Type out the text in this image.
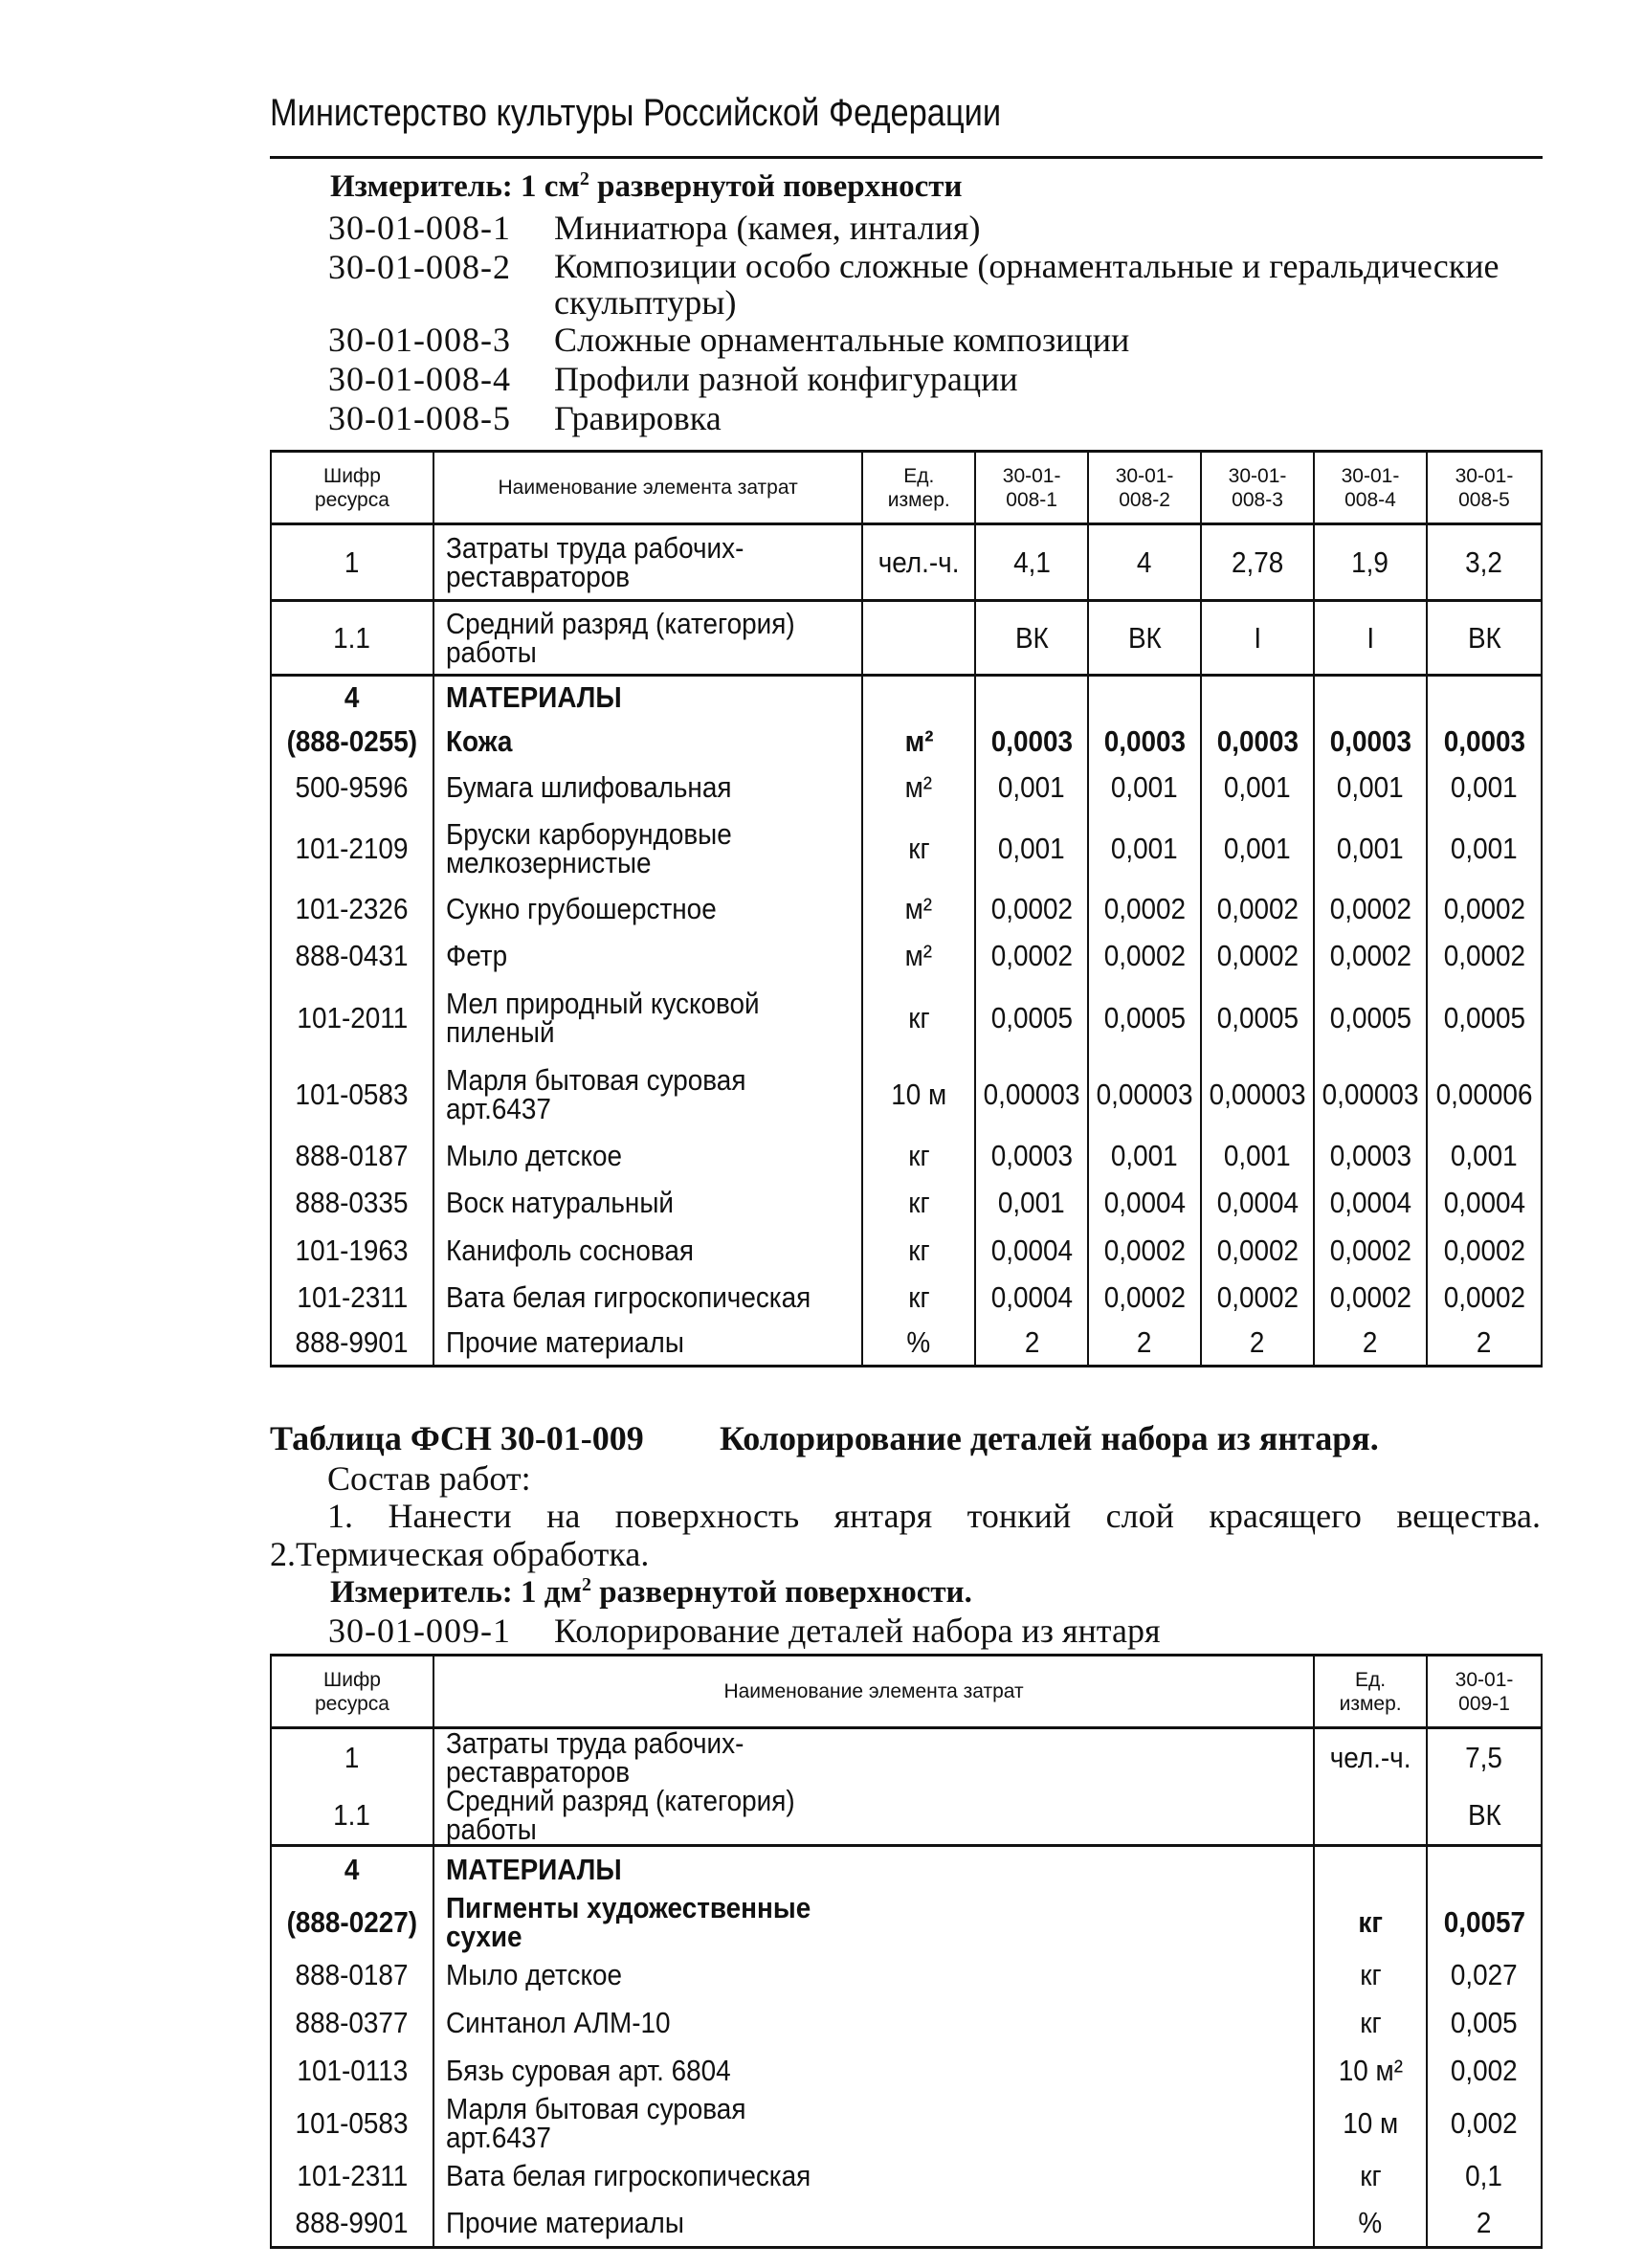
Министерство культуры Российской Федерации
Измеритель: 1 $см^2$ развернутой поверхности
30-01-008-1	Миниатюра (камея, инталия)
30-01-008-2	Композиции особо сложные (орнаментальные и геральдические скульптуры)
30-01-008-3	Сложные орнаментальные композиции
30-01-008-4	Профили разной конфигурации
30-01-008-5	Гравировка
Шифр ресурса	Наименование элемента затрат	Ед. измер.	30-01- 008-1	30-01- 008-2	30-01- 008-3	30-01- 008-4	30-01- 008-5
1	Затраты труда рабочих-реставраторов	чел.-ч.	4,1	4	2,78	1,9	3,2
1.1	Средний разряд (категория) работы		ВК	ВК	I	I	ВК
4	МАТЕРИАЛЫ						
(888-0255)	Кожа	м²	0,0003	0,0003	0,0003	0,0003	0,0003
500-9596	Бумага шлифовальная	м²	0,001	0,001	0,001	0,001	0,001
101-2109	Бруски карборундовые мелкозернистые	кг	0,001	0,001	0,001	0,001	0,001
101-2326	Сукно грубошерстное	м²	0,0002	0,0002	0,0002	0,0002	0,0002
888-0431	Фетр	м²	0,0002	0,0002	0,0002	0,0002	0,0002
101-2011	Мел природный кусковой пиленый	кг	0,0005	0,0005	0,0005	0,0005	0,0005
101-0583	Марля бытовая суровая арт.6437	10 м	0,00003	0,00003	0,00003	0,00003	0,00006
888-0187	Мыло детское	кг	0,0003	0,001	0,001	0,0003	0,001
888-0335	Воск натуральный	кг	0,001	0,0004	0,0004	0,0004	0,0004
101-1963	Канифоль сосновая	кг	0,0004	0,0002	0,0002	0,0002	0,0002
101-2311	Вата белая гигроскопическая	кг	0,0004	0,0002	0,0002	0,0002	0,0002
888-9901	Прочие материалы	%	2	2	2	2	2
Таблица ФСН 30-01-009 Колорирование деталей набора из янтаря.
Состав работ:
1. Нанести на поверхность янтаря тонкий слой красящего вещества. 2.Термическая обработка.
Измеритель: 1 $дм^2$ развернутой поверхности.
30-01-009-1	Колорирование деталей набора из янтаря
Шифр ресурса	Наименование элемента затрат	Ед. измер.	30-01- 009-1
1	Затраты труда рабочих-реставраторов	чел.-ч.	7,5
1.1	Средний разряд (категория) работы		ВК
4	МАТЕРИАЛЫ		
(888-0227)	Пигменты художественные сухие	кг	0,0057
888-0187	Мыло детское	кг	0,027
888-0377	Синтанол АЛМ-10	кг	0,005
101-0113	Бязь суровая арт. 6804	10 м²	0,002
101-0583	Марля бытовая суровая арт.6437	10 м	0,002
101-2311	Вата белая гигроскопическая	кг	0,1
888-9901	Прочие материалы	%	2
